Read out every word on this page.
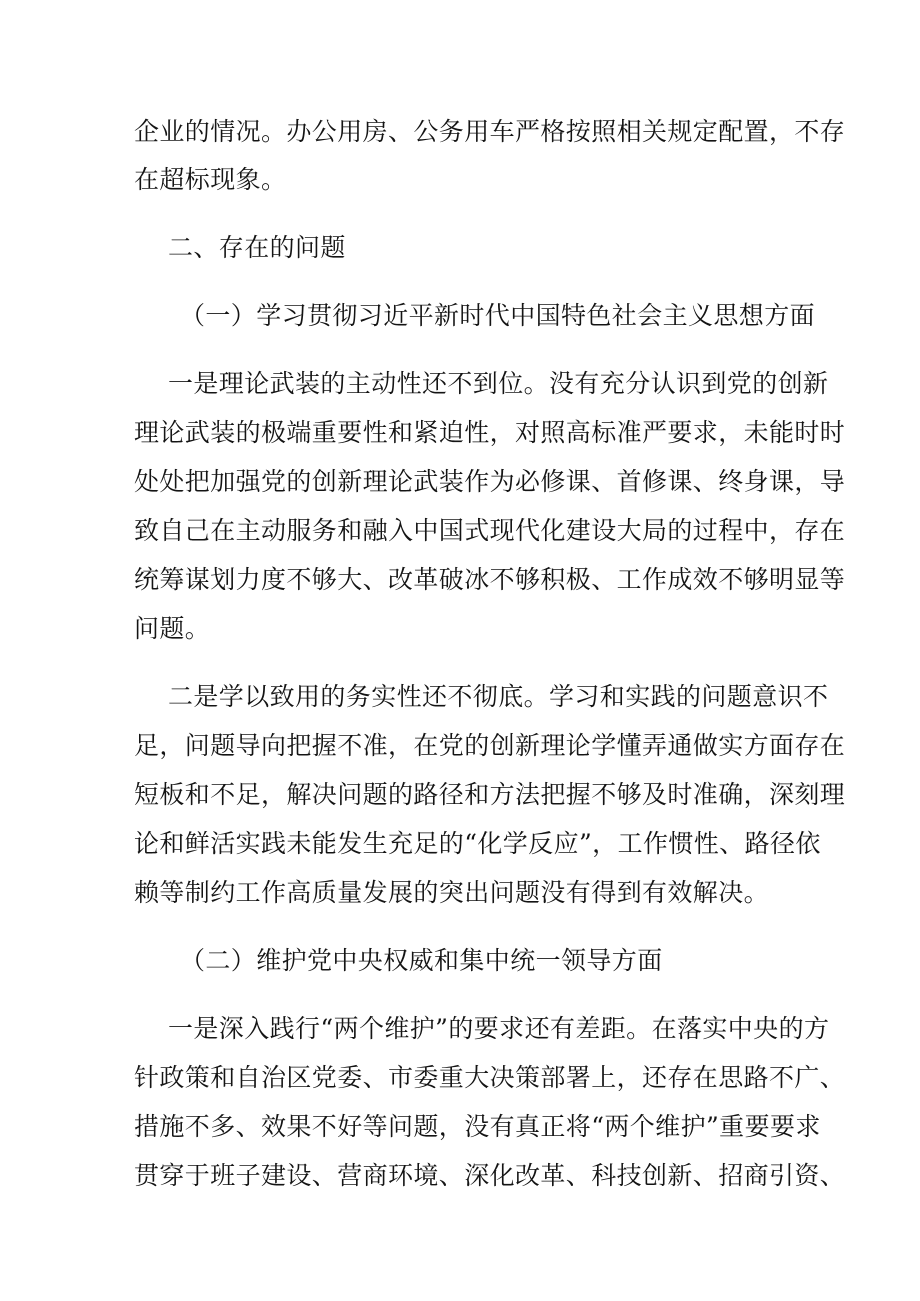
企业的情况。办公用房、公务用车严格按照相关规定配置，不存
在超标现象。
二、存在的问题
（一）学习贯彻习近平新时代中国特色社会主义思想方面
一是理论武装的主动性还不到位。没有充分认识到党的创新
理论武装的极端重要性和紧迫性，对照高标准严要求，未能时时
处处把加强党的创新理论武装作为必修课、首修课、终身课，导
致自己在主动服务和融入中国式现代化建设大局的过程中，存在
统筹谋划力度不够大、改革破冰不够积极、工作成效不够明显等
问题。
二是学以致用的务实性还不彻底。学习和实践的问题意识不
足，问题导向把握不准，在党的创新理论学懂弄通做实方面存在
短板和不足，解决问题的路径和方法把握不够及时准确，深刻理
论和鲜活实践未能发生充足的“化学反应”，工作惯性、路径依
赖等制约工作高质量发展的突出问题没有得到有效解决。
（二）维护党中央权威和集中统一领导方面
一是深入践行“两个维护”的要求还有差距。在落实中央的方
针政策和自治区党委、市委重大决策部署上，还存在思路不广、
措施不多、效果不好等问题，没有真正将“两个维护”重要要求
贯穿于班子建设、营商环境、深化改革、科技创新、招商引资、
